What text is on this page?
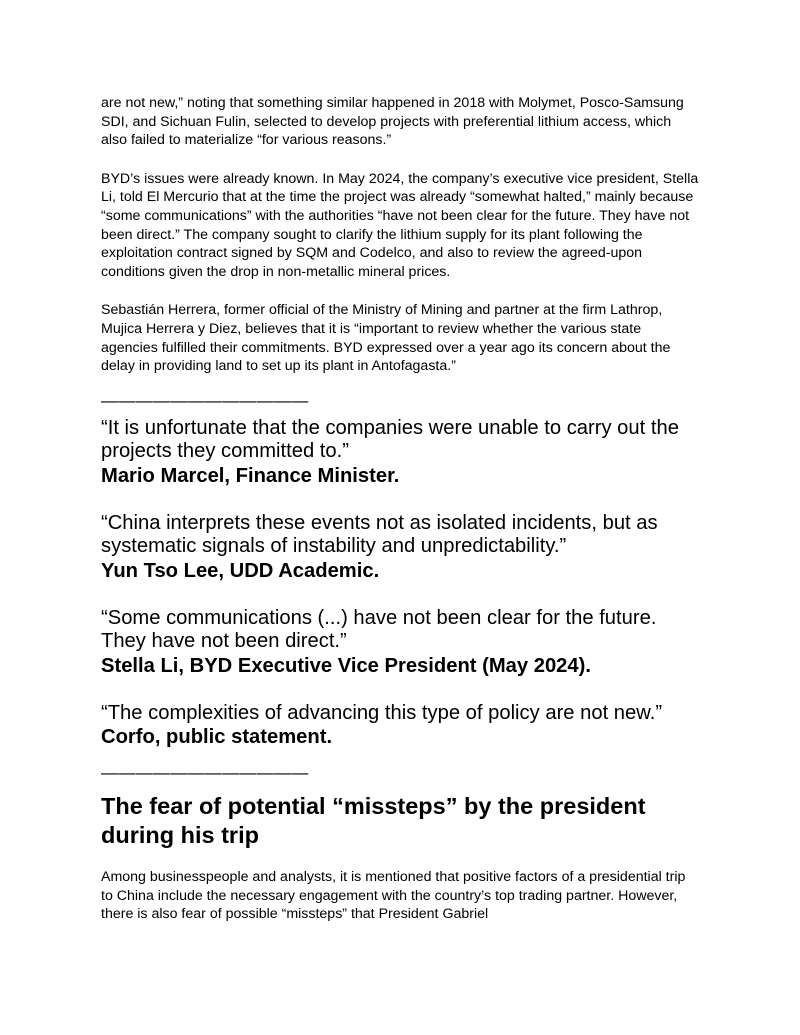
are not new,” noting that something similar happened in 2018 with Molymet, Posco-Samsung SDI, and Sichuan Fulin, selected to develop projects with preferential lithium access, which also failed to materialize “for various reasons.”

BYD’s issues were already known. In May 2024, the company’s executive vice president, Stella Li, told El Mercurio that at the time the project was already “somewhat halted,” mainly because “some communications” with the authorities “have not been clear for the future. They have not been direct.” The company sought to clarify the lithium supply for its plant following the exploitation contract signed by SQM and Codelco, and also to review the agreed-upon conditions given the drop in non-metallic mineral prices.

Sebastián Herrera, former official of the Ministry of Mining and partner at the firm Lathrop, Mujica Herrera y Diez, believes that it is “important to review whether the various state agencies fulfilled their commitments. BYD expressed over a year ago its concern about the delay in providing land to set up its plant in Antofagasta.”

————————————

“It is unfortunate that the companies were unable to carry out the projects they committed to.”

Mario Marcel, Finance Minister.

“China interprets these events not as isolated incidents, but as systematic signals of instability and unpredictability.”

Yun Tso Lee, UDD Academic.

“Some communications (...) have not been clear for the future. They have not been direct.”

Stella Li, BYD Executive Vice President (May 2024).

“The complexities of advancing this type of policy are not new.”

Corfo, public statement.

————————————
The fear of potential “missteps” by the president during his trip

Among businesspeople and analysts, it is mentioned that positive factors of a presidential trip to China include the necessary engagement with the country’s top trading partner. However, there is also fear of possible “missteps” that President Gabriel
